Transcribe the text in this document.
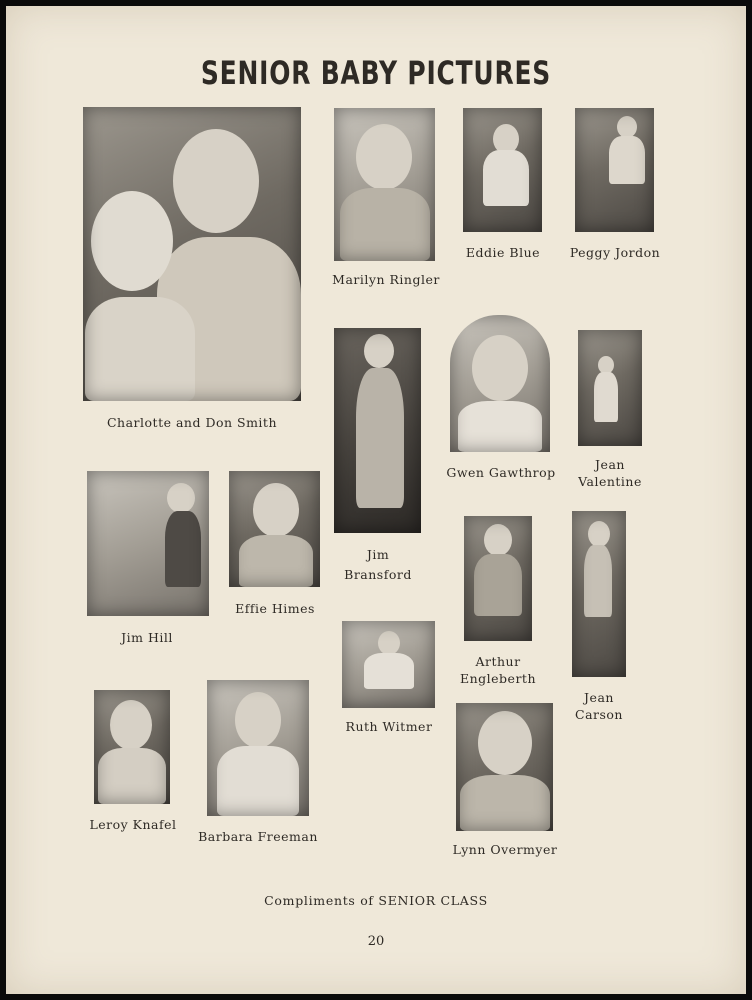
SENIOR BABY PICTURES
Charlotte and Don Smith
Marilyn Ringler
Eddie Blue	Peggy Jordon
Jim
Bransford
Gwen Gawthrop
Jean
Valentine
Jim Hill
Effie Himes
Arthur
Engleberth
Jean
Carson
Ruth Witmer
Leroy Knafel
Barbara Freeman
Lynn Overmyer
Compliments of SENIOR CLASS
20
